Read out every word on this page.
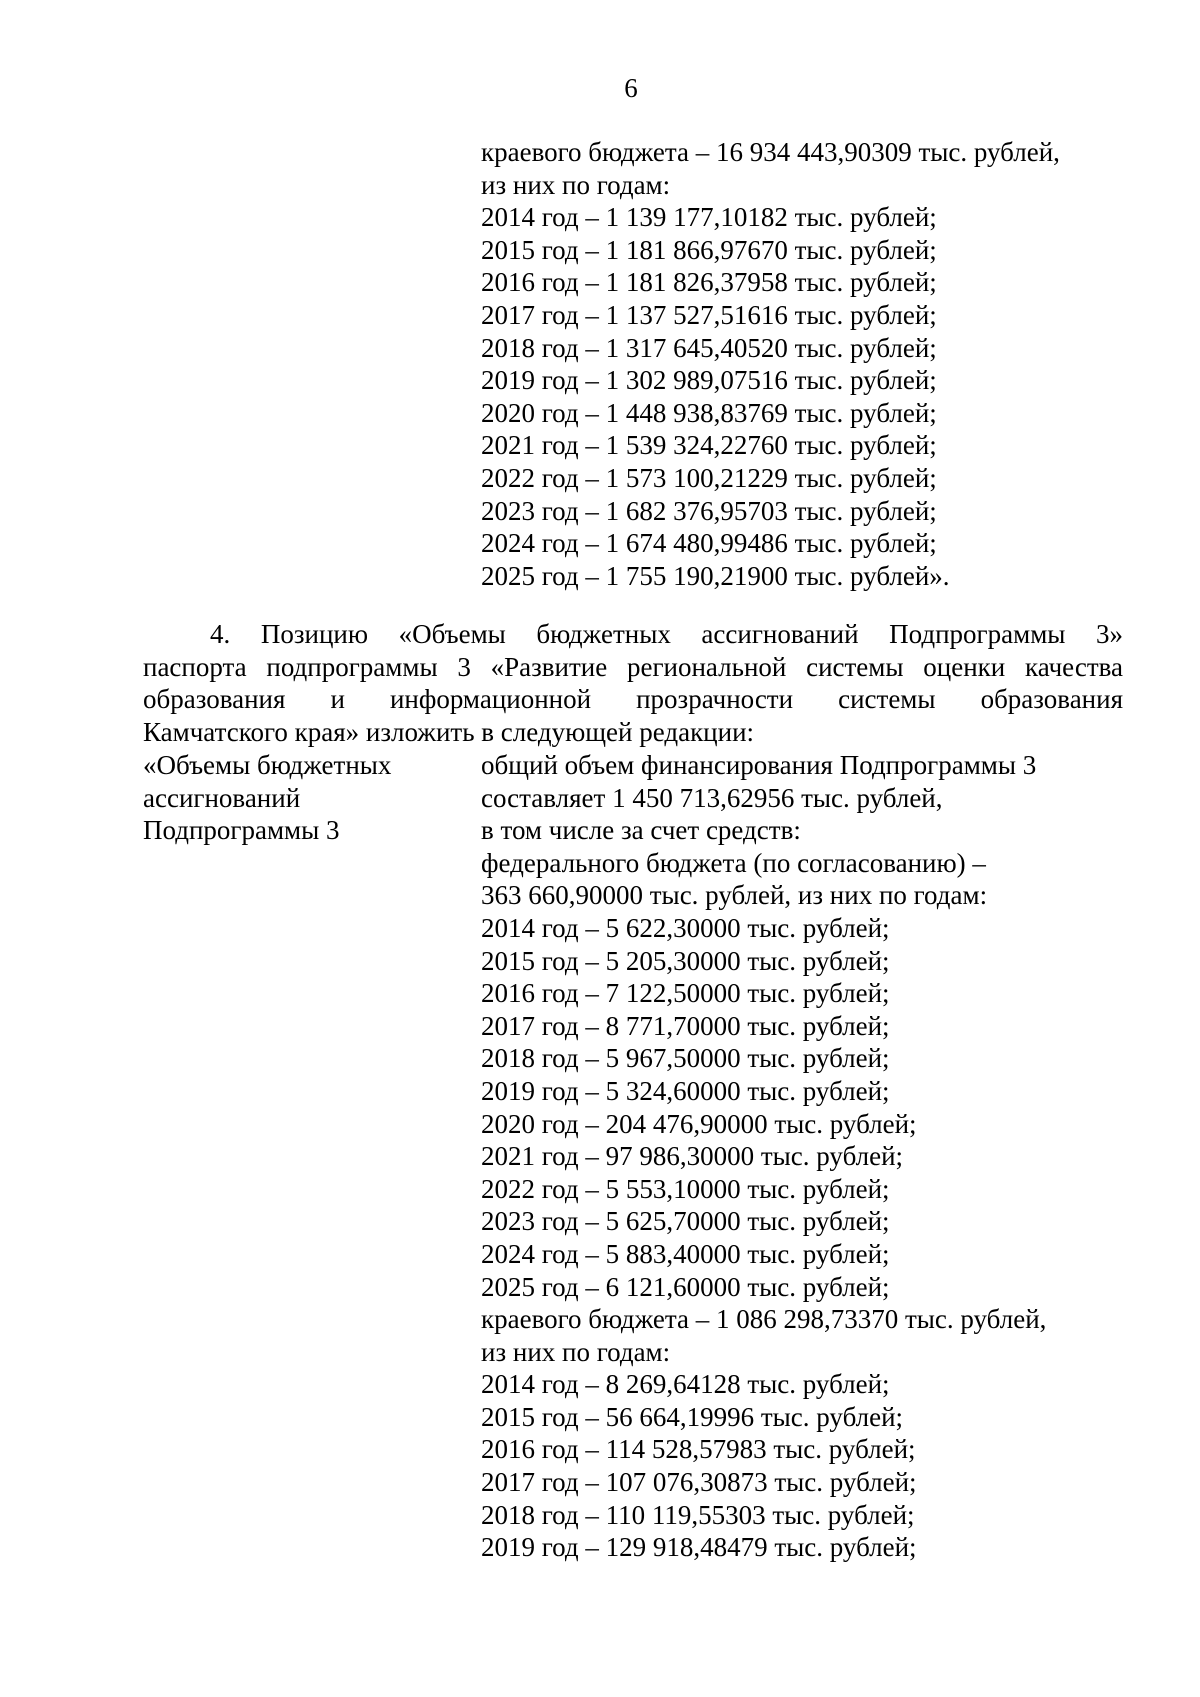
6
краевого бюджета – 16 934 443,90309 тыс. рублей,
из них по годам:
2014 год – 1 139 177,10182 тыс. рублей;
2015 год – 1 181 866,97670 тыс. рублей;
2016 год – 1 181 826,37958 тыс. рублей;
2017 год – 1 137 527,51616 тыс. рублей;
2018 год – 1 317 645,40520 тыс. рублей;
2019 год – 1 302 989,07516 тыс. рублей;
2020 год – 1 448 938,83769 тыс. рублей;
2021 год – 1 539 324,22760 тыс. рублей;
2022 год – 1 573 100,21229 тыс. рублей;
2023 год – 1 682 376,95703 тыс. рублей;
2024 год – 1 674 480,99486 тыс. рублей;
2025 год – 1 755 190,21900 тыс. рублей».
4. Позицию «Объемы бюджетных ассигнований Подпрограммы 3»
паспорта подпрограммы 3 «Развитие региональной системы оценки качества
образования и информационной прозрачности системы образования
Камчатского края» изложить в следующей редакции:
«Объемы бюджетных
ассигнований
Подпрограммы 3
общий объем финансирования Подпрограммы 3
составляет 1 450 713,62956 тыс. рублей,
в том числе за счет средств:
федерального бюджета (по согласованию) –
363 660,90000 тыс. рублей, из них по годам:
2014 год – 5 622,30000 тыс. рублей;
2015 год – 5 205,30000 тыс. рублей;
2016 год – 7 122,50000 тыс. рублей;
2017 год – 8 771,70000 тыс. рублей;
2018 год – 5 967,50000 тыс. рублей;
2019 год – 5 324,60000 тыс. рублей;
2020 год – 204 476,90000 тыс. рублей;
2021 год – 97 986,30000 тыс. рублей;
2022 год – 5 553,10000 тыс. рублей;
2023 год – 5 625,70000 тыс. рублей;
2024 год – 5 883,40000 тыс. рублей;
2025 год – 6 121,60000 тыс. рублей;
краевого бюджета – 1 086 298,73370 тыс. рублей,
из них по годам:
2014 год – 8 269,64128 тыс. рублей;
2015 год – 56 664,19996 тыс. рублей;
2016 год – 114 528,57983 тыс. рублей;
2017 год – 107 076,30873 тыс. рублей;
2018 год – 110 119,55303 тыс. рублей;
2019 год – 129 918,48479 тыс. рублей;
